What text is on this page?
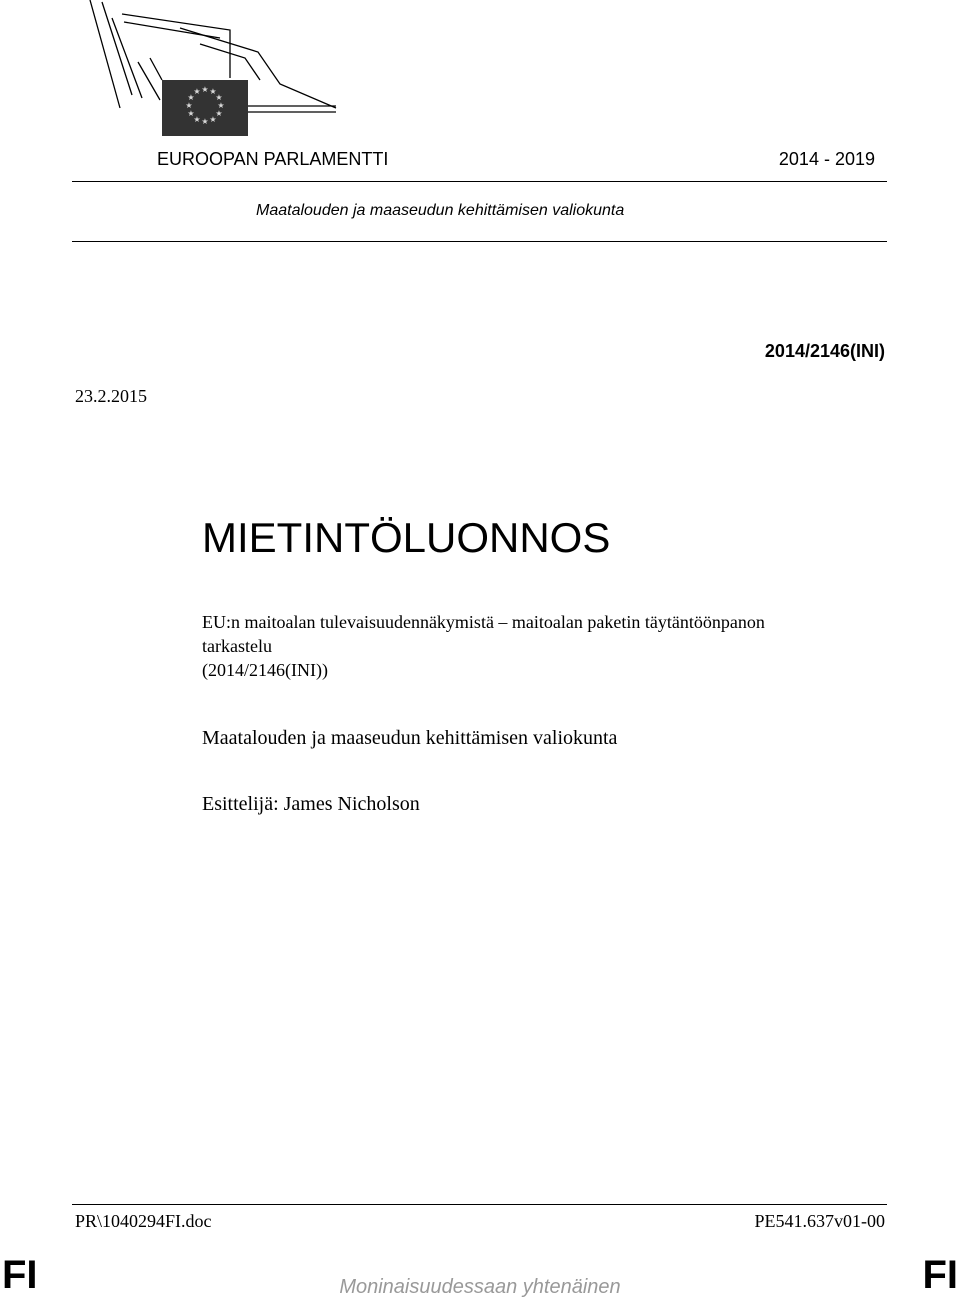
★ ★
★
★
★
★
★
★
★
★
★
★
EUROOPAN PARLAMENTTI	2014 - 2019
Maatalouden ja maaseudun kehittämisen valiokunta
2014/2146(INI)
23.2.2015
MIETINTÖLUONNOS
EU:n maitoalan tulevaisuudennäkymistä – maitoalan paketin täytäntöönpanon
tarkastelu
(2014/2146(INI))
Maatalouden ja maaseudun kehittämisen valiokunta
Esittelijä: James Nicholson
PR\1040294FI.doc	PE541.637v01-00
FI	Moninaisuudessaan yhtenäinen	FI
